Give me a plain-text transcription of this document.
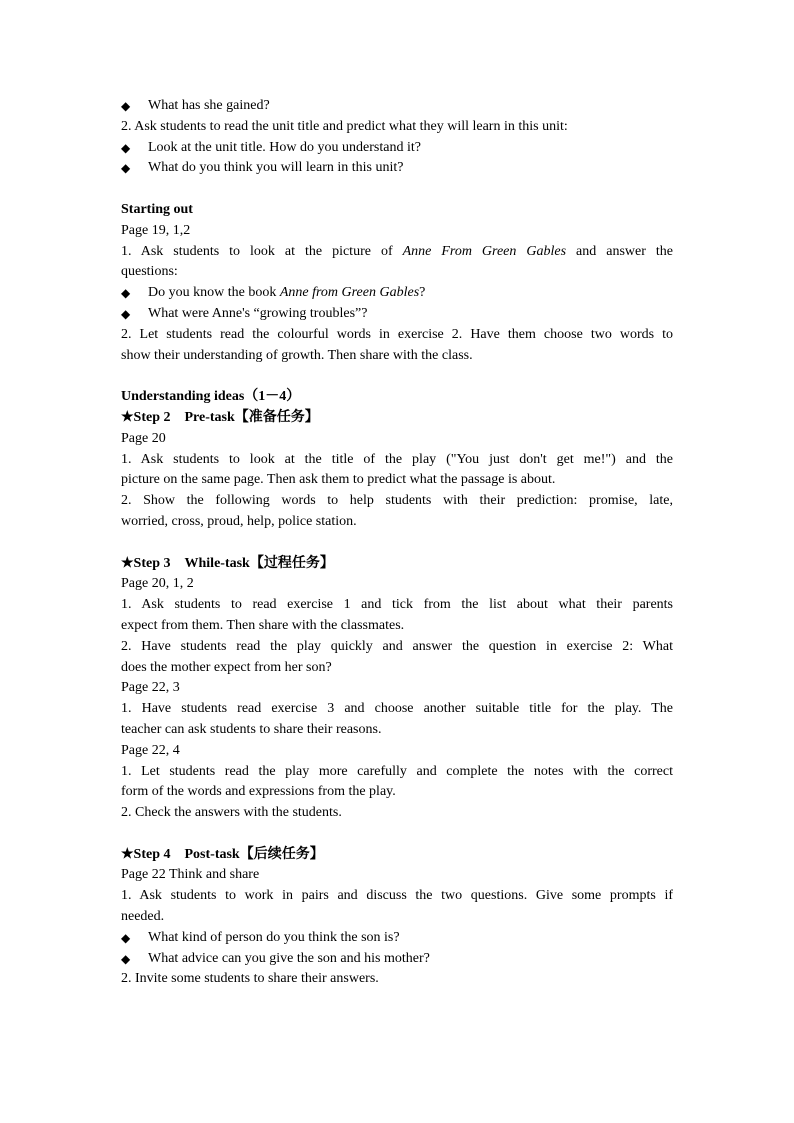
◆ What has she gained?
2. Ask students to read the unit title and predict what they will learn in this unit:
◆ Look at the unit title. How do you understand it?
◆ What do you think you will learn in this unit?
Starting out
Page 19, 1,2
1. Ask students to look at the picture of Anne From Green Gables and answer the
questions:
◆ Do you know the book Anne from Green Gables?
◆ What were Anne's “growing troubles”?
2. Let students read the colourful words in exercise 2. Have them choose two words to
show their understanding of growth. Then share with the class.
Understanding ideas（1－4）
★Step 2　Pre-task【准备任务】
Page 20
1. Ask students to look at the title of the play ("You just don't get me!") and the
picture on the same page. Then ask them to predict what the passage is about.
2. Show the following words to help students with their prediction: promise, late,
worried, cross, proud, help, police station.
★Step 3　While-task【过程任务】
Page 20, 1, 2
1. Ask students to read exercise 1 and tick from the list about what their parents
expect from them. Then share with the classmates.
2. Have students read the play quickly and answer the question in exercise 2: What
does the mother expect from her son?
Page 22, 3
1. Have students read exercise 3 and choose another suitable title for the play. The
teacher can ask students to share their reasons.
Page 22, 4
1. Let students read the play more carefully and complete the notes with the correct
form of the words and expressions from the play.
2. Check the answers with the students.
★Step 4　Post-task【后续任务】
Page 22 Think and share
1. Ask students to work in pairs and discuss the two questions. Give some prompts if
needed.
◆ What kind of person do you think the son is?
◆ What advice can you give the son and his mother?
2. Invite some students to share their answers.
